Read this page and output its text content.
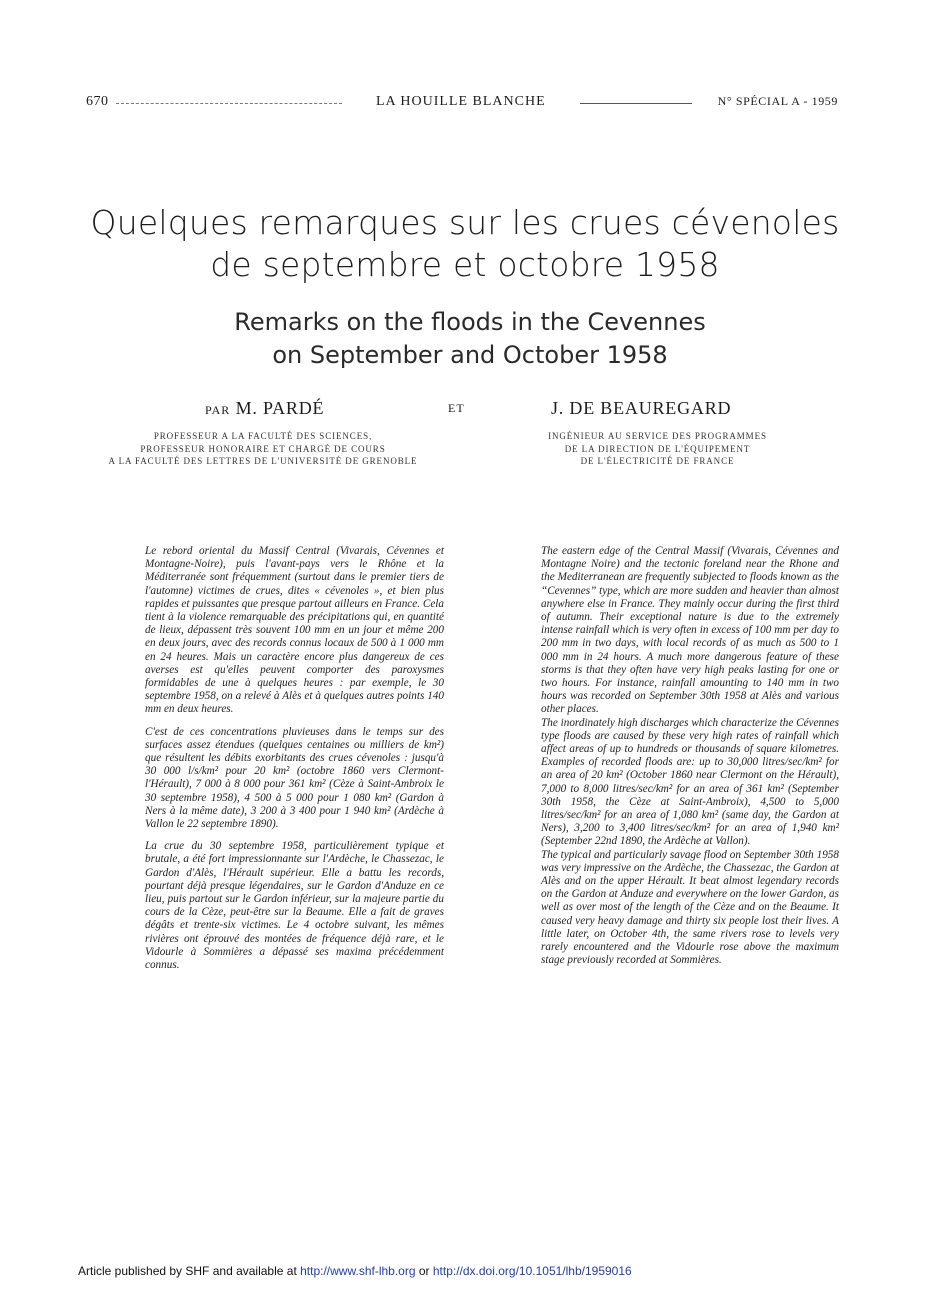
670	LA HOUILLE BLANCHE	N° SPÉCIAL A - 1959
Quelques remarques sur les crues cévenoles
de septembre et octobre 1958
Remarks on the floods in the Cevennes
on September and October 1958
PAR M. PARDÉ	ET	J. DE BEAUREGARD
PROFESSEUR A LA FACULTÉ DES SCIENCES,
PROFESSEUR HONORAIRE ET CHARGÉ DE COURS
A LA FACULTÉ DES LETTRES DE L'UNIVERSITÉ DE GRENOBLE
INGÉNIEUR AU SERVICE DES PROGRAMMES
DE LA DIRECTION DE L'ÉQUIPEMENT
DE L'ÉLECTRICITÉ DE FRANCE

Le rebord oriental du Massif Central (Vivarais, Cévennes et Montagne-Noire), puis l'avant-pays vers le Rhône et la Méditerranée sont fréquemment (surtout dans le premier tiers de l'automne) victimes de crues, dites « cévenoles », et bien plus rapides et puissantes que presque partout ailleurs en France. Cela tient à la violence remarquable des précipitations qui, en quantité de lieux, dépassent très souvent 100 mm en un jour et même 200 en deux jours, avec des records connus locaux de 500 à 1 000 mm en 24 heures. Mais un caractère encore plus dangereux de ces averses est qu'elles peuvent comporter des paroxysmes formidables de une à quelques heures : par exemple, le 30 septembre 1958, on a relevé à Alès et à quelques autres points 140 mm en deux heures.

C'est de ces concentrations pluvieuses dans le temps sur des surfaces assez étendues (quelques centaines ou milliers de km²) que résultent les débits exorbitants des crues cévenoles : jusqu'à 30 000 l/s/km² pour 20 km² (octobre 1860 vers Clermont-l'Hérault), 7 000 à 8 000 pour 361 km² (Cèze à Saint-Ambroix le 30 septembre 1958), 4 500 à 5 000 pour 1 080 km² (Gardon à Ners à la même date), 3 200 à 3 400 pour 1 940 km² (Ardèche à Vallon le 22 septembre 1890).

La crue du 30 septembre 1958, particulièrement typique et brutale, a été fort impressionnante sur l'Ardèche, le Chassezac, le Gardon d'Alès, l'Hérault supérieur. Elle a battu les records, pourtant déjà presque légendaires, sur le Gardon d'Anduze en ce lieu, puis partout sur le Gardon inférieur, sur la majeure partie du cours de la Cèze, peut-être sur la Beaume. Elle a fait de graves dégâts et trente-six victimes. Le 4 octobre suivant, les mêmes rivières ont éprouvé des montées de fréquence déjà rare, et le Vidourle à Sommières a dépassé ses maxima précédemment connus.

The eastern edge of the Central Massif (Vivarais, Cévennes and Montagne Noire) and the tectonic foreland near the Rhone and the Mediterranean are frequently subjected to floods known as the “Cevennes” type, which are more sudden and heavier than almost anywhere else in France. They mainly occur during the first third of autumn. Their exceptional nature is due to the extremely intense rainfall which is very often in excess of 100 mm per day to 200 mm in two days, with local records of as much as 500 to 1 000 mm in 24 hours. A much more dangerous feature of these storms is that they often have very high peaks lasting for one or two hours. For instance, rainfall amounting to 140 mm in two hours was recorded on September 30th 1958 at Alès and various other places.

The inordinately high discharges which characterize the Cévennes type floods are caused by these very high rates of rainfall which affect areas of up to hundreds or thousands of square kilometres. Examples of recorded floods are: up to 30,000 litres/sec/km² for an area of 20 km² (October 1860 near Clermont on the Hérault), 7,000 to 8,000 litres/sec/km² for an area of 361 km² (September 30th 1958, the Cèze at Saint-Ambroix), 4,500 to 5,000 litres/sec/km² for an area of 1,080 km² (same day, the Gardon at Ners), 3,200 to 3,400 litres/sec/km² for an area of 1,940 km² (September 22nd 1890, the Ardèche at Vallon).

The typical and particularly savage flood on September 30th 1958 was very impressive on the Ardèche, the Chassezac, the Gardon at Alès and on the upper Hérault. It beat almost legendary records on the Gardon at Anduze and everywhere on the lower Gardon, as well as over most of the length of the Cèze and on the Beaume. It caused very heavy damage and thirty six people lost their lives. A little later, on October 4th, the same rivers rose to levels very rarely encountered and the Vidourle rose above the maximum stage previously recorded at Sommières.

Article published by SHF and available at http://www.shf-lhb.org or http://dx.doi.org/10.1051/lhb/1959016
